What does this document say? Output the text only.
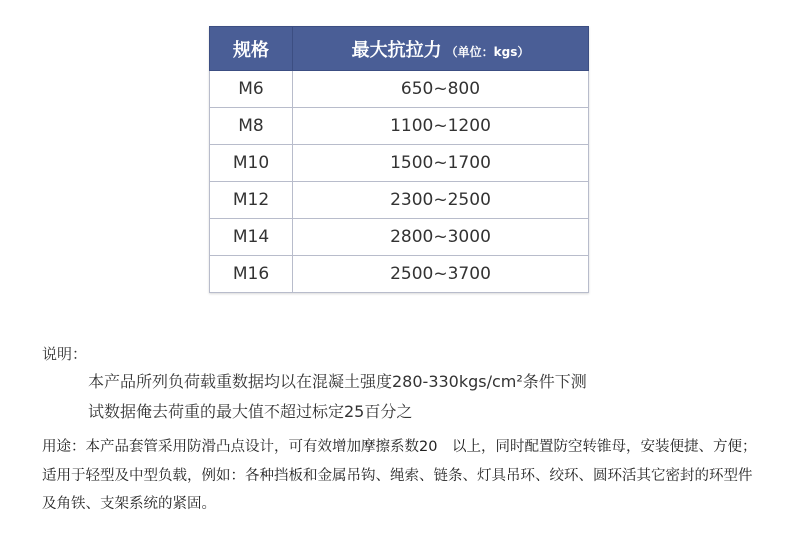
规格	最大抗拉力 （单位：kgs）
M6	650~800
M8	1100~1200
M10	1500~1700
M12	2300~2500
M14	2800~3000
M16	2500~3700
说明：
本产品所列负荷载重数据均以在混凝土强度280-330kgs/cm²条件下测
试数据俺去荷重的最大值不超过标定25百分之
用途：本产品套管采用防滑凸点设计，可有效增加摩擦系数20　以上，同时配置防空转锥母，安装便捷、方便；适用于轻型及中型负载，例如：各种挡板和金属吊钩、绳索、链条、灯具吊环、绞环、圆环活其它密封的环型件及角铁、支架系统的紧固。
